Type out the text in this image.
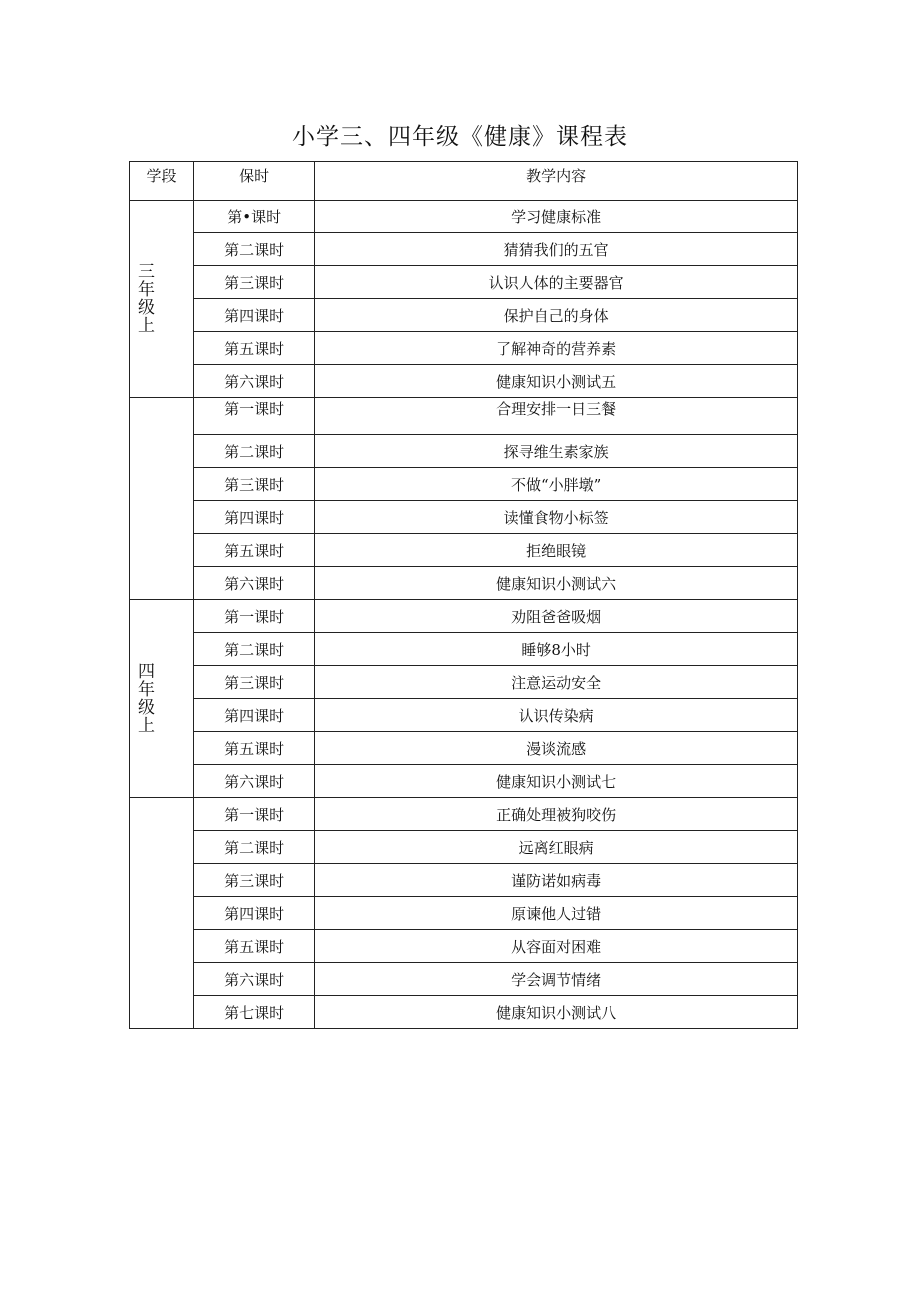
小学三、四年级《健康》课程表
学段	保时	教学内容
三年级上	第•课时	学习健康标准
	第二课时	猜猜我们的五官
	第三课时	认识人体的主要器官
	第四课时	保护自己的身体
	第五课时	了解神奇的营养素
	第六课时	健康知识小测试五
	第一课时	合理安排一日三餐
	第二课时	探寻维生素家族
	第三课时	不做“小胖墩”
	第四课时	读懂食物小标签
	第五课时	拒绝眼镜
	第六课时	健康知识小测试六
四年级上	第一课时	劝阻爸爸吸烟
	第二课时	睡够8小时
	第三课时	注意运动安全
	第四课时	认识传染病
	第五课时	漫谈流感
	第六课时	健康知识小测试七
	第一课时	正确处理被狗咬伤
	第二课时	远离红眼病
	第三课时	谨防诺如病毒
	第四课时	原谏他人过错
	第五课时	从容面对困难
	第六课时	学会调节情绪
	第七课时	健康知识小测试八
